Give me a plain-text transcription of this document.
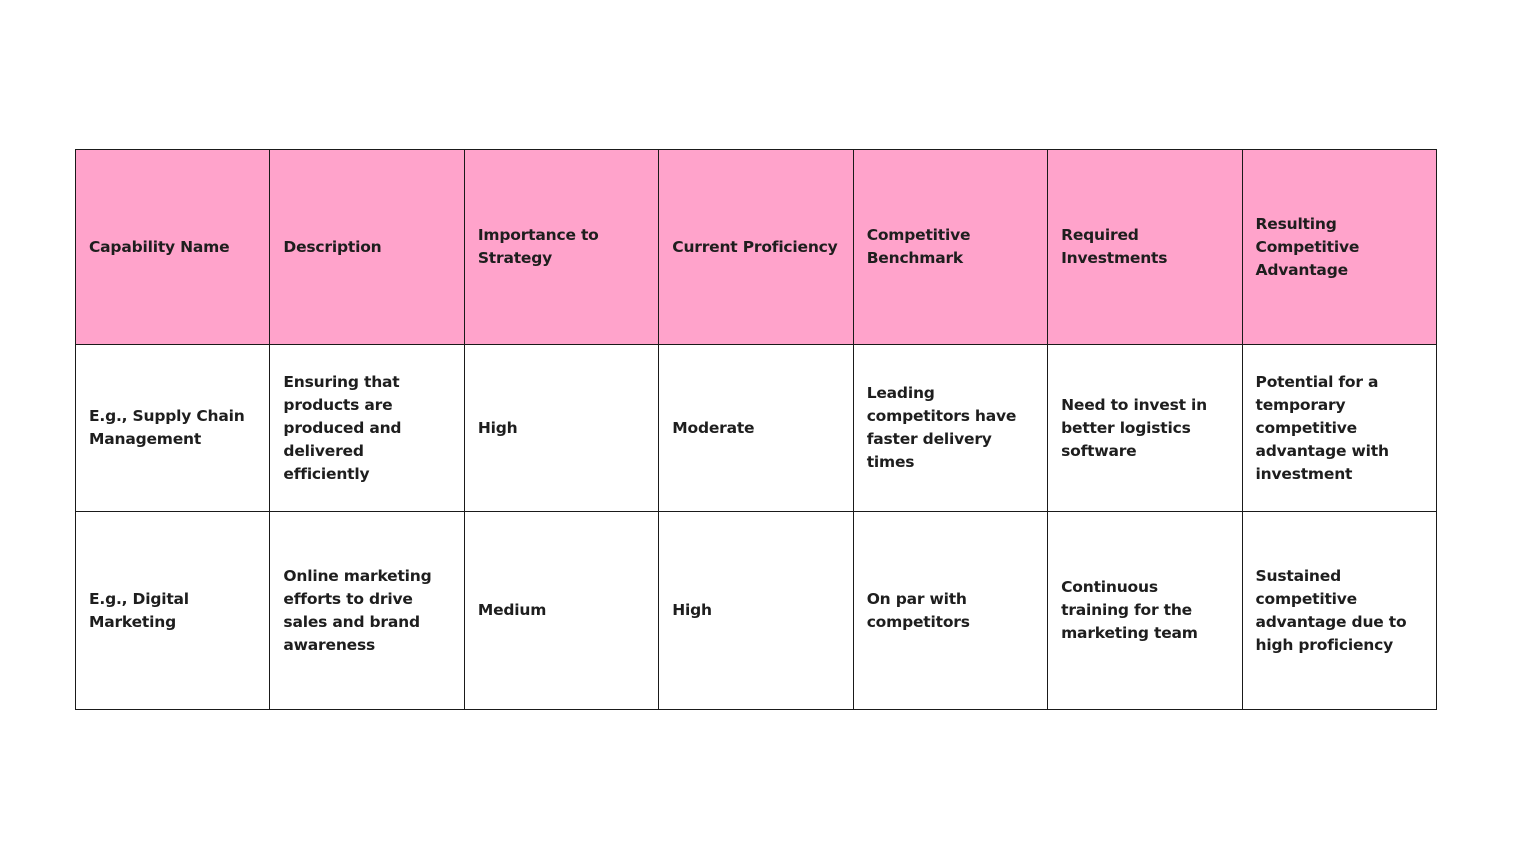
Capability Name	Description	Importance to Strategy	Current Proficiency	Competitive Benchmark	Required Investments	Resulting Competitive Advantage
E.g., Supply Chain Management	Ensuring that products are produced and delivered efficiently	High	Moderate	Leading competitors have faster delivery times	Need to invest in better logistics software	Potential for a temporary competitive advantage with investment
E.g., Digital Marketing	Online marketing efforts to drive sales and brand awareness	Medium	High	On par with competitors	Continuous training for the marketing team	Sustained competitive advantage due to high proficiency
